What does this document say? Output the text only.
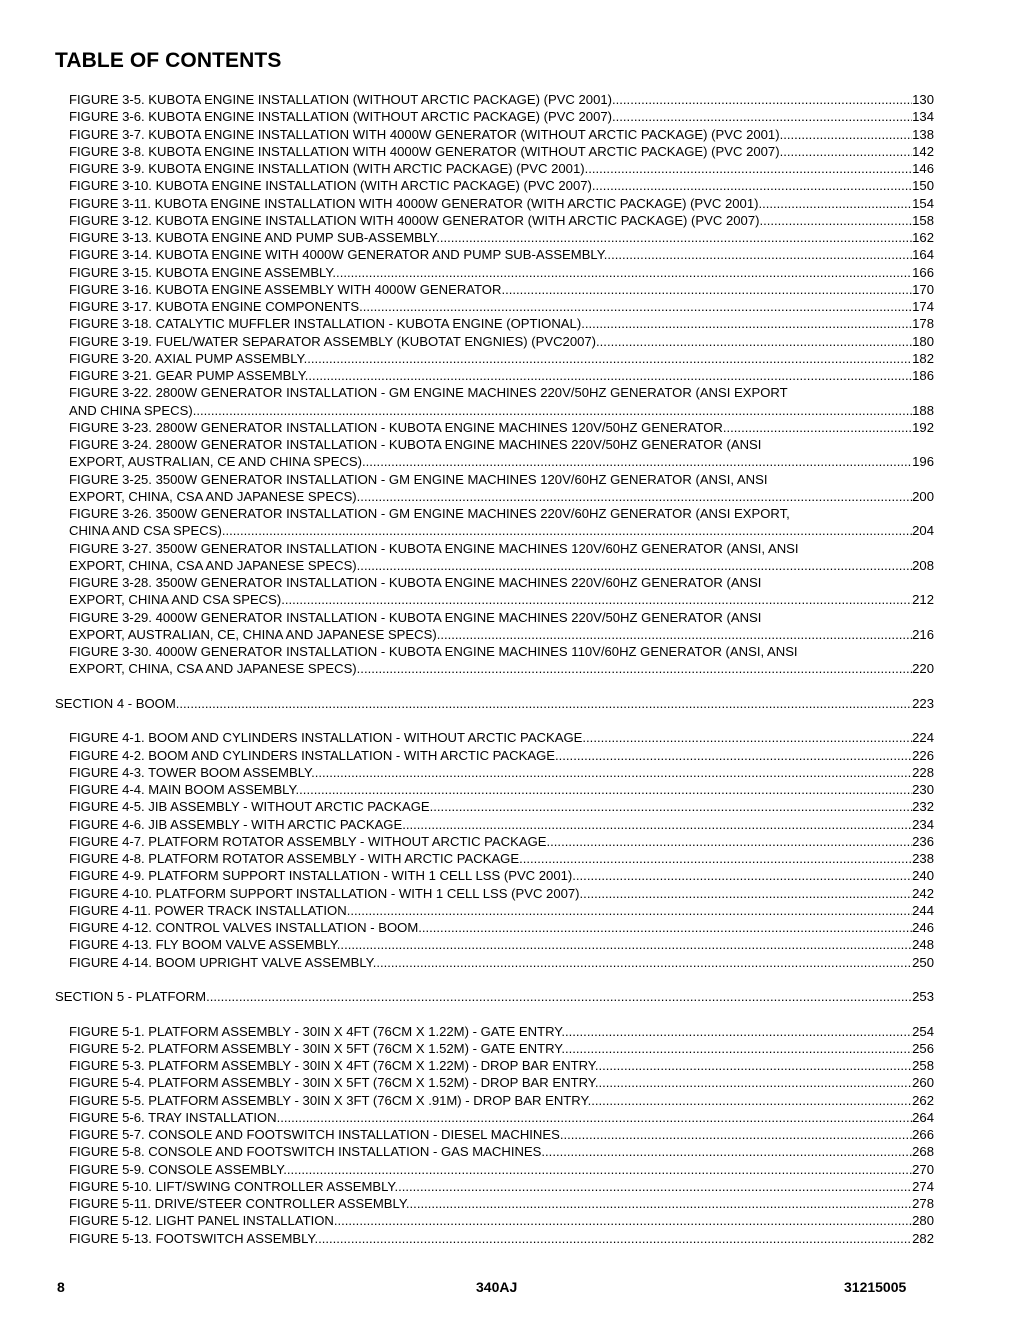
TABLE OF CONTENTS
FIGURE 3-5. KUBOTA ENGINE INSTALLATION (WITHOUT ARCTIC PACKAGE) (PVC 2001) .....	130
FIGURE 3-6. KUBOTA ENGINE INSTALLATION (WITHOUT ARCTIC PACKAGE) (PVC 2007) .....	134
FIGURE 3-7. KUBOTA ENGINE INSTALLATION WITH 4000W GENERATOR (WITHOUT ARCTIC PACKAGE) (PVC 2001) .....	138
FIGURE 3-8. KUBOTA ENGINE INSTALLATION WITH 4000W GENERATOR (WITHOUT ARCTIC PACKAGE) (PVC 2007) .....	142
FIGURE 3-9. KUBOTA ENGINE INSTALLATION (WITH ARCTIC PACKAGE) (PVC 2001) .....	146
FIGURE 3-10. KUBOTA ENGINE INSTALLATION (WITH ARCTIC PACKAGE) (PVC 2007) .....	150
FIGURE 3-11. KUBOTA ENGINE INSTALLATION WITH 4000W GENERATOR (WITH ARCTIC PACKAGE) (PVC 2001) .....	154
FIGURE 3-12. KUBOTA ENGINE INSTALLATION WITH 4000W GENERATOR (WITH ARCTIC PACKAGE) (PVC 2007) .....	158
FIGURE 3-13. KUBOTA ENGINE AND PUMP SUB-ASSEMBLY .....	162
FIGURE 3-14. KUBOTA ENGINE WITH 4000W GENERATOR AND PUMP SUB-ASSEMBLY .....	164
FIGURE 3-15. KUBOTA ENGINE ASSEMBLY .....	166
FIGURE 3-16. KUBOTA ENGINE ASSEMBLY WITH 4000W GENERATOR .....	170
FIGURE 3-17. KUBOTA ENGINE COMPONENTS .....	174
FIGURE 3-18. CATALYTIC MUFFLER INSTALLATION - KUBOTA ENGINE (OPTIONAL) .....	178
FIGURE 3-19. FUEL/WATER SEPARATOR ASSEMBLY (KUBOTAT ENGNIES) (PVC2007) .....	180
FIGURE 3-20. AXIAL PUMP ASSEMBLY .....	182
FIGURE 3-21. GEAR PUMP ASSEMBLY .....	186
FIGURE 3-22. 2800W GENERATOR INSTALLATION - GM ENGINE MACHINES 220V/50HZ GENERATOR (ANSI EXPORT
AND CHINA SPECS) .....	188
FIGURE 3-23. 2800W GENERATOR INSTALLATION - KUBOTA ENGINE MACHINES 120V/50HZ GENERATOR .....	192
FIGURE 3-24. 2800W GENERATOR INSTALLATION - KUBOTA ENGINE MACHINES 220V/50HZ GENERATOR (ANSI
EXPORT, AUSTRALIAN, CE AND CHINA SPECS) .....	196
FIGURE 3-25. 3500W GENERATOR INSTALLATION - GM ENGINE MACHINES 120V/60HZ GENERATOR (ANSI, ANSI
EXPORT, CHINA, CSA AND JAPANESE SPECS) .....	200
FIGURE 3-26. 3500W GENERATOR INSTALLATION - GM ENGINE MACHINES 220V/60HZ GENERATOR (ANSI EXPORT,
CHINA AND CSA SPECS) .....	204
FIGURE 3-27. 3500W GENERATOR INSTALLATION - KUBOTA ENGINE MACHINES 120V/60HZ GENERATOR (ANSI, ANSI
EXPORT, CHINA, CSA AND JAPANESE SPECS) .....	208
FIGURE 3-28. 3500W GENERATOR INSTALLATION - KUBOTA ENGINE MACHINES 220V/60HZ GENERATOR (ANSI
EXPORT, CHINA AND CSA SPECS) .....	212
FIGURE 3-29. 4000W GENERATOR INSTALLATION - KUBOTA ENGINE MACHINES 220V/50HZ GENERATOR (ANSI
EXPORT, AUSTRALIAN, CE, CHINA AND JAPANESE SPECS) .....	216
FIGURE 3-30. 4000W GENERATOR INSTALLATION - KUBOTA ENGINE MACHINES 110V/60HZ GENERATOR (ANSI, ANSI
EXPORT, CHINA, CSA AND JAPANESE SPECS) .....	220
SECTION 4 - BOOM .....	223
FIGURE 4-1. BOOM AND CYLINDERS INSTALLATION - WITHOUT ARCTIC PACKAGE .....	224
FIGURE 4-2. BOOM AND CYLINDERS INSTALLATION - WITH ARCTIC PACKAGE .....	226
FIGURE 4-3. TOWER BOOM ASSEMBLY .....	228
FIGURE 4-4. MAIN BOOM ASSEMBLY .....	230
FIGURE 4-5. JIB ASSEMBLY - WITHOUT ARCTIC PACKAGE .....	232
FIGURE 4-6. JIB ASSEMBLY - WITH ARCTIC PACKAGE .....	234
FIGURE 4-7. PLATFORM ROTATOR ASSEMBLY - WITHOUT ARCTIC PACKAGE .....	236
FIGURE 4-8. PLATFORM ROTATOR ASSEMBLY - WITH ARCTIC PACKAGE .....	238
FIGURE 4-9. PLATFORM SUPPORT INSTALLATION - WITH 1 CELL LSS (PVC 2001) .....	240
FIGURE 4-10. PLATFORM SUPPORT INSTALLATION - WITH 1 CELL LSS (PVC 2007) .....	242
FIGURE 4-11. POWER TRACK INSTALLATION .....	244
FIGURE 4-12. CONTROL VALVES INSTALLATION - BOOM .....	246
FIGURE 4-13. FLY BOOM VALVE ASSEMBLY .....	248
FIGURE 4-14. BOOM UPRIGHT VALVE ASSEMBLY .....	250
SECTION 5 - PLATFORM .....	253
FIGURE 5-1. PLATFORM ASSEMBLY - 30IN X 4FT (76CM X 1.22M) - GATE ENTRY .....	254
FIGURE 5-2. PLATFORM ASSEMBLY - 30IN X 5FT (76CM X 1.52M) - GATE ENTRY .....	256
FIGURE 5-3. PLATFORM ASSEMBLY - 30IN X 4FT (76CM X 1.22M) - DROP BAR ENTRY .....	258
FIGURE 5-4. PLATFORM ASSEMBLY - 30IN X 5FT (76CM X 1.52M) - DROP BAR ENTRY .....	260
FIGURE 5-5. PLATFORM ASSEMBLY - 30IN X 3FT (76CM X .91M) - DROP BAR ENTRY .....	262
FIGURE 5-6. TRAY INSTALLATION .....	264
FIGURE 5-7. CONSOLE AND FOOTSWITCH INSTALLATION - DIESEL MACHINES .....	266
FIGURE 5-8. CONSOLE AND FOOTSWITCH INSTALLATION - GAS MACHINES .....	268
FIGURE 5-9. CONSOLE ASSEMBLY .....	270
FIGURE 5-10. LIFT/SWING CONTROLLER ASSEMBLY .....	274
FIGURE 5-11. DRIVE/STEER CONTROLLER ASSEMBLY .....	278
FIGURE 5-12. LIGHT PANEL INSTALLATION .....	280
FIGURE 5-13. FOOTSWITCH ASSEMBLY .....	282
8	340AJ	31215005
